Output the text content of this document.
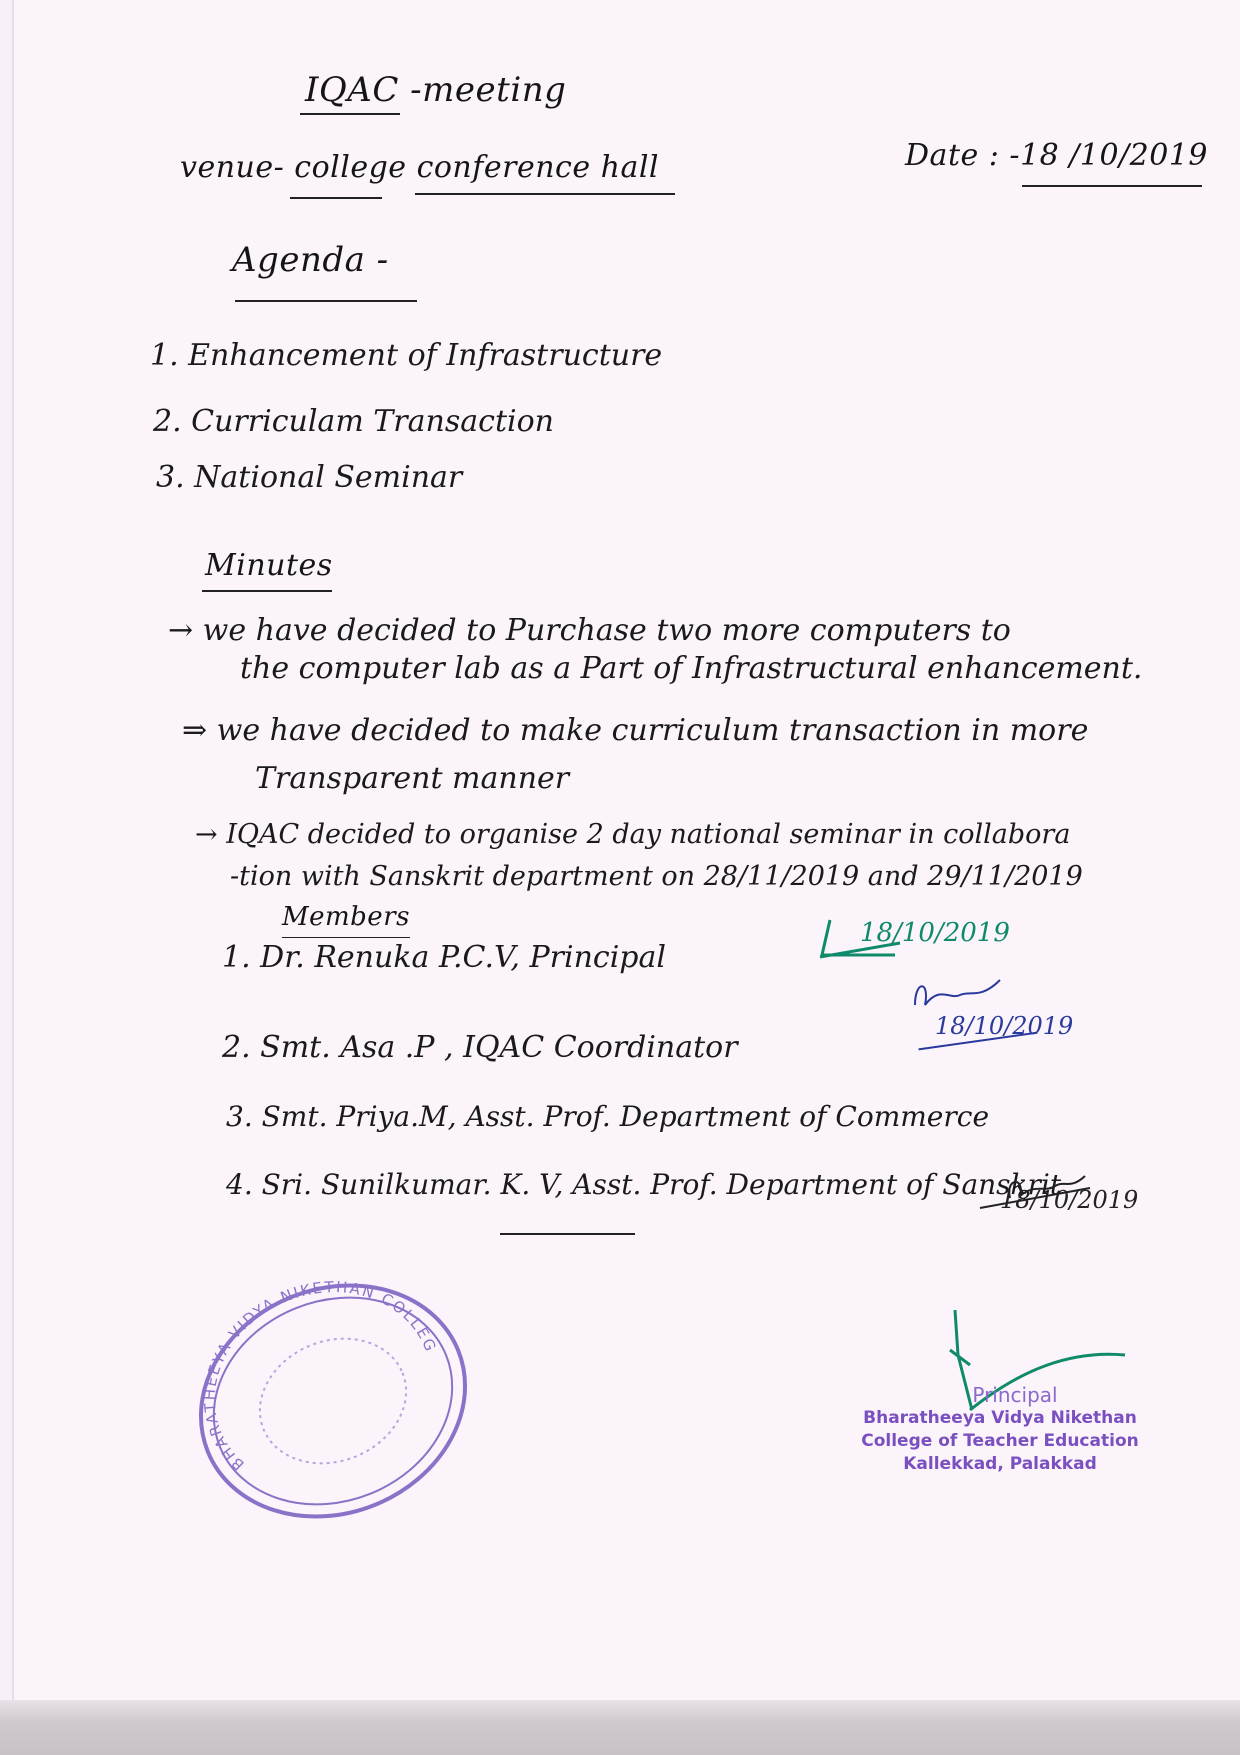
IQAC -meeting
venue- college conference hall	Date : -18 /10/2019
Agenda -
1. Enhancement of Infrastructure
2. Curriculam Transaction
3. National Seminar
Minutes
→ we have decided to Purchase two more computers to
the computer lab as a Part of Infrastructural enhancement.
⇒ we have decided to make curriculum transaction in more
Transparent manner
→ IQAC decided to organise 2 day national seminar in collabora
-tion with Sanskrit department on 28/11/2019 and 29/11/2019
Members
1. Dr. Renuka P.C.V, Principal
2. Smt. Asa .P , IQAC Coordinator
3. Smt. Priya.M, Asst. Prof. Department of Commerce
4. Sri. Sunilkumar. K. V, Asst. Prof. Department of Sanskrit
18/10/2019
18/10/2019
18/10/2019
BHARATHEEYA VIDYA NIKETHAN COLLEGE
Principal
Bharatheeya Vidya Nikethan
College of Teacher Education
Kallekkad, Palakkad
